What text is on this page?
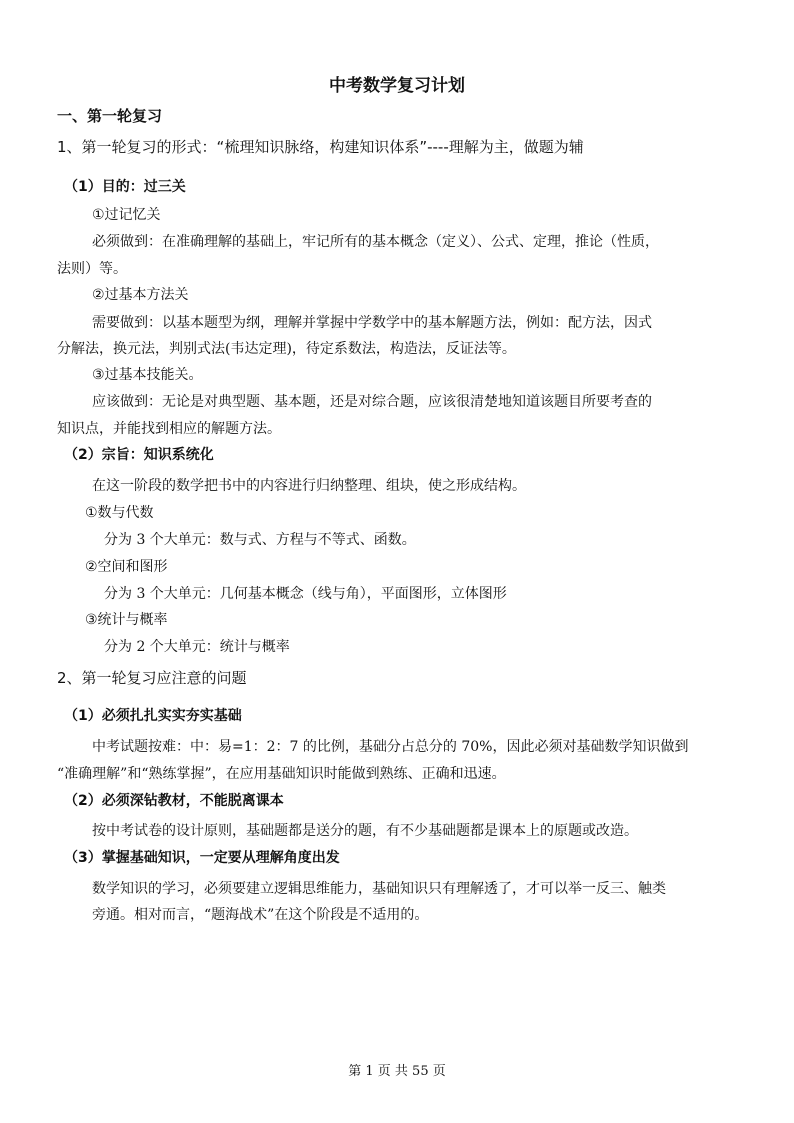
中考数学复习计划
一、第一轮复习
1、第一轮复习的形式：“梳理知识脉络，构建知识体系”----理解为主，做题为辅
（1）目的：过三关
①过记忆关
必须做到：在准确理解的基础上，牢记所有的基本概念（定义）、公式、定理，推论（性质，
法则）等。
②过基本方法关
需要做到：以基本题型为纲，理解并掌握中学数学中的基本解题方法，例如：配方法，因式
分解法，换元法，判别式法(韦达定理)，待定系数法，构造法，反证法等。
③过基本技能关。
应该做到：无论是对典型题、基本题，还是对综合题，应该很清楚地知道该题目所要考查的
知识点，并能找到相应的解题方法。
（2）宗旨：知识系统化
在这一阶段的数学把书中的内容进行归纳整理、组块，使之形成结构。
①数与代数
分为 3 个大单元：数与式、方程与不等式、函数。
②空间和图形
分为 3 个大单元：几何基本概念（线与角），平面图形，立体图形
③统计与概率
分为 2 个大单元：统计与概率
2、第一轮复习应注意的问题
（1）必须扎扎实实夯实基础
中考试题按难：中：易=1：2：7 的比例，基础分占总分的 70%，因此必须对基础数学知识做到
“准确理解”和“熟练掌握”，在应用基础知识时能做到熟练、正确和迅速。
（2）必须深钻教材，不能脱离课本
按中考试卷的设计原则，基础题都是送分的题，有不少基础题都是课本上的原题或改造。
（3）掌握基础知识，一定要从理解角度出发
数学知识的学习，必须要建立逻辑思维能力，基础知识只有理解透了，才可以举一反三、触类
旁通。相对而言，“题海战术”在这个阶段是不适用的。
第 1 页 共 55 页
